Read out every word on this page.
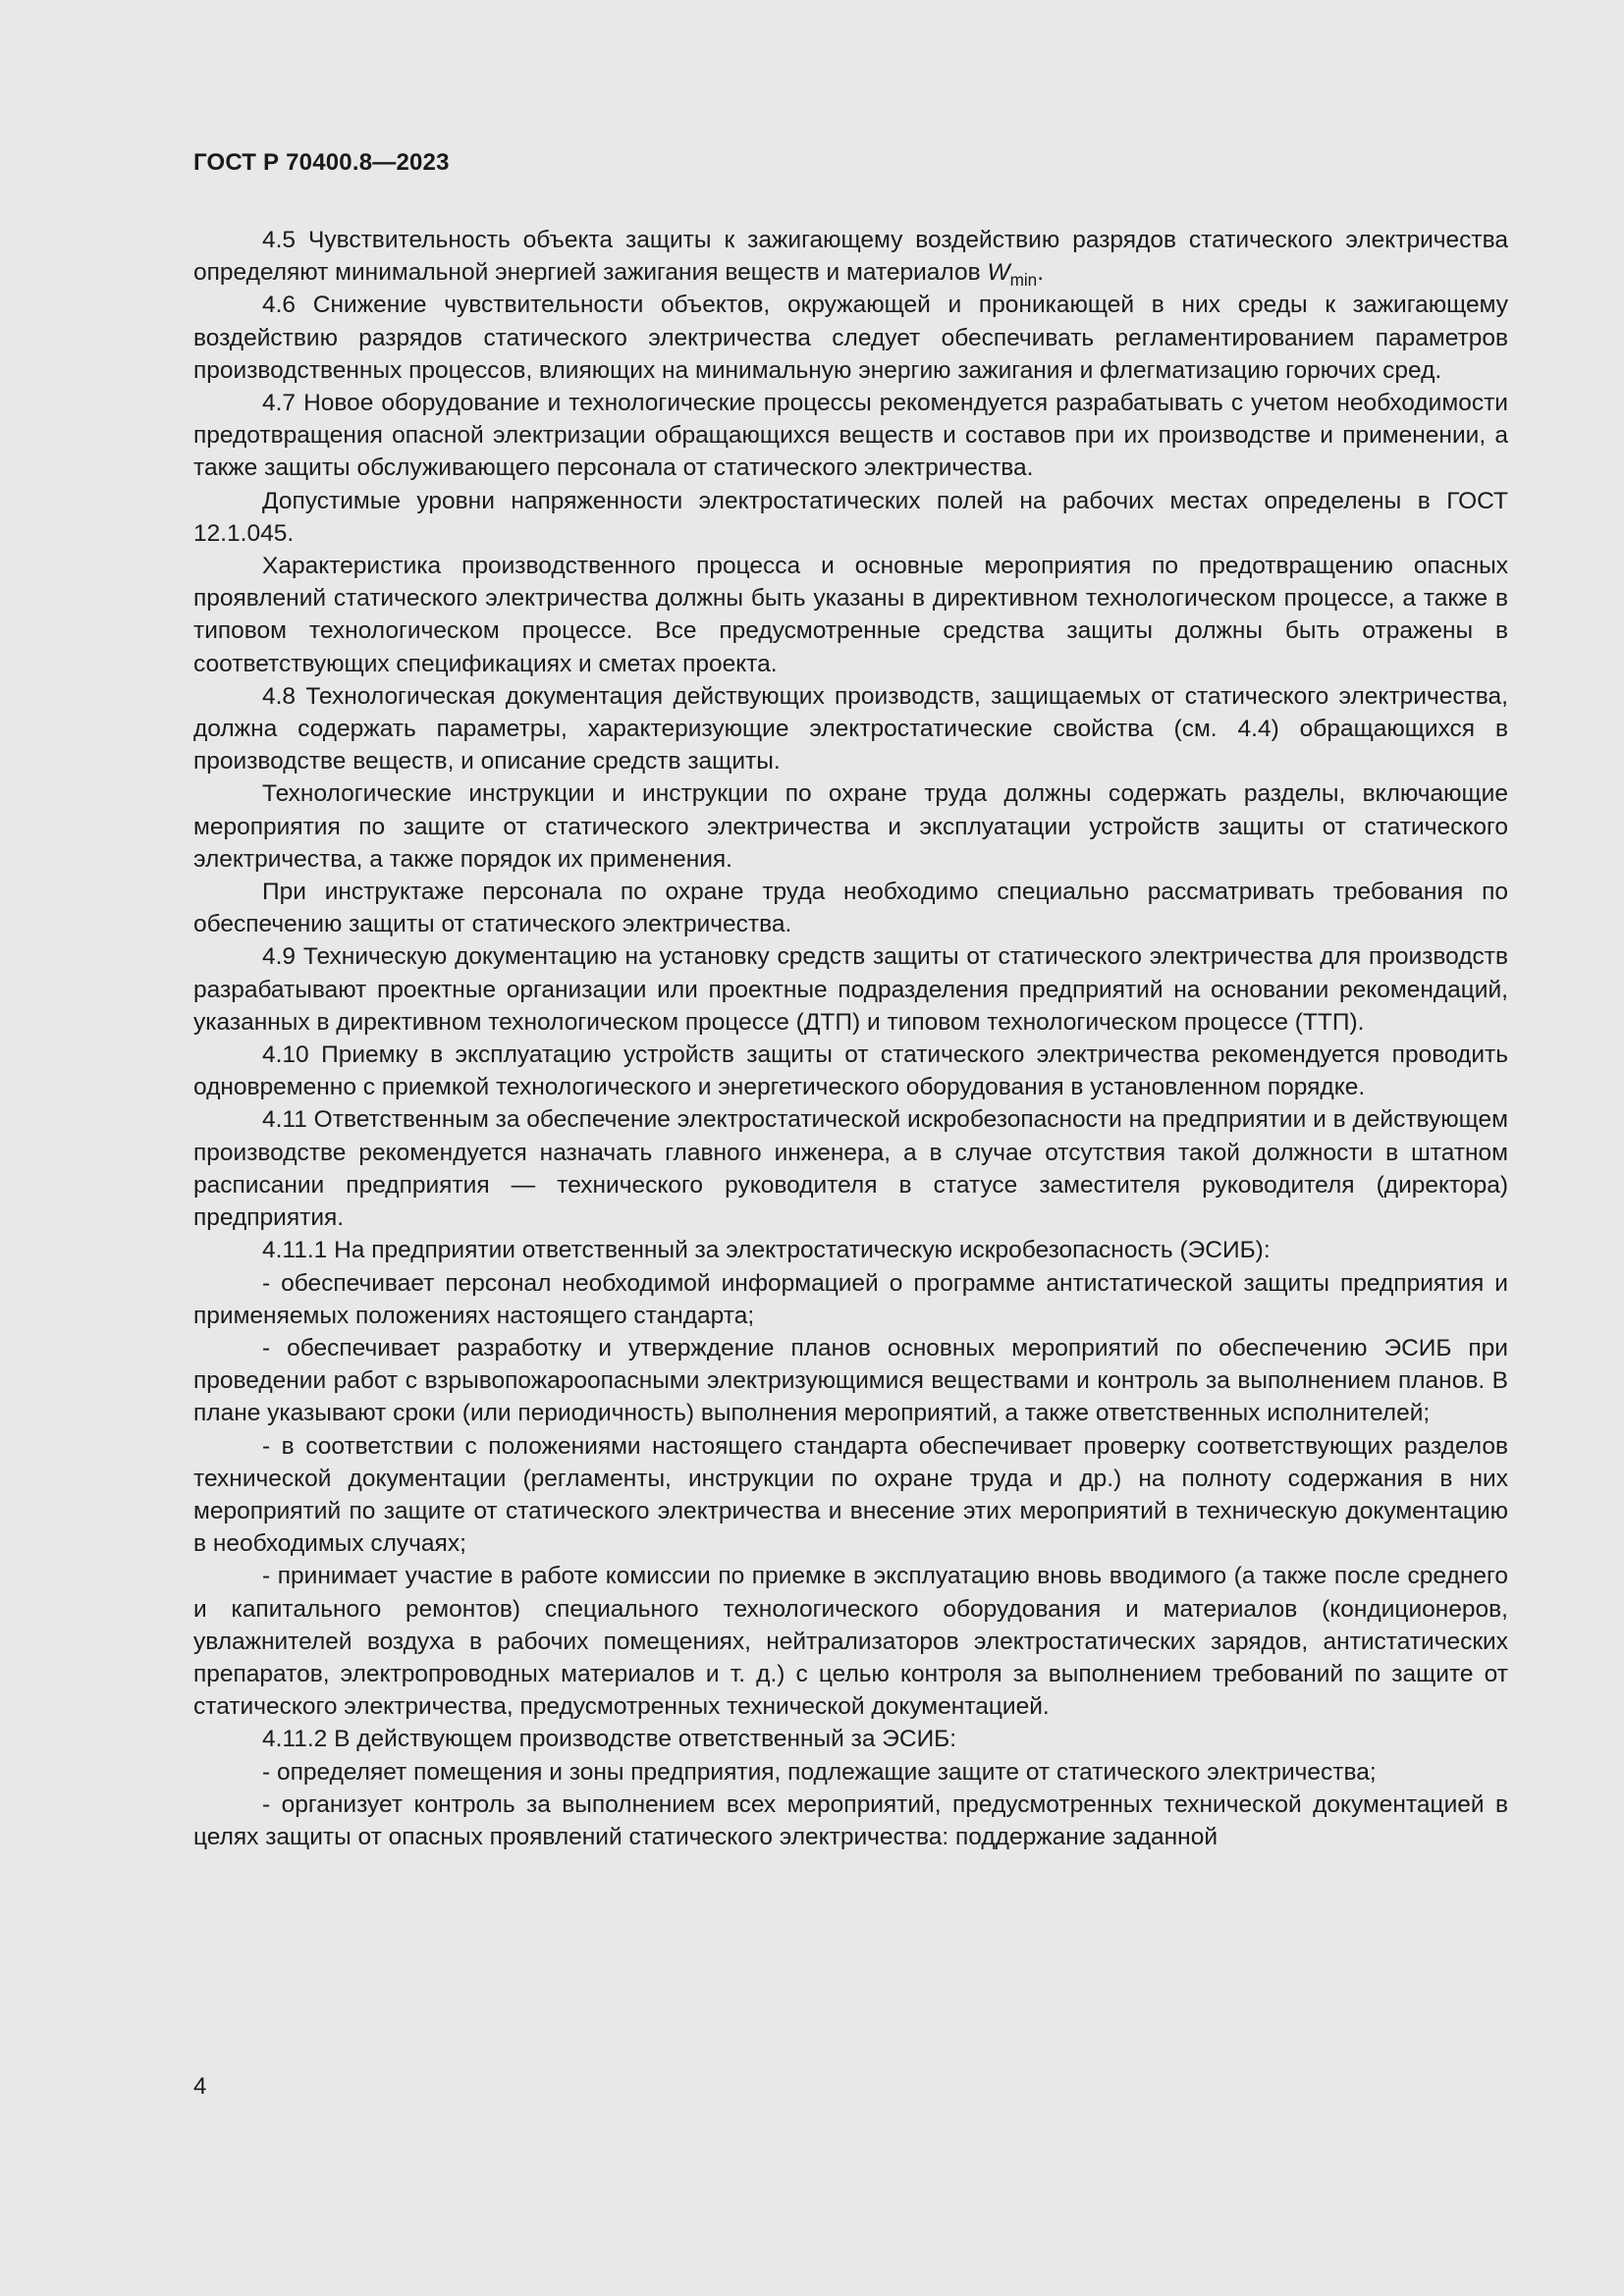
ГОСТ Р 70400.8—2023

4.5 Чувствительность объекта защиты к зажигающему воздействию разрядов статического электричества определяют минимальной энергией зажигания веществ и материалов $W_{min}$.

4.6 Снижение чувствительности объектов, окружающей и проникающей в них среды к зажигающему воздействию разрядов статического электричества следует обеспечивать регламентированием параметров производственных процессов, влияющих на минимальную энергию зажигания и флегматизацию горючих сред.

4.7 Новое оборудование и технологические процессы рекомендуется разрабатывать с учетом необходимости предотвращения опасной электризации обращающихся веществ и составов при их производстве и применении, а также защиты обслуживающего персонала от статического электричества.

Допустимые уровни напряженности электростатических полей на рабочих местах определены в ГОСТ 12.1.045.

Характеристика производственного процесса и основные мероприятия по предотвращению опасных проявлений статического электричества должны быть указаны в директивном технологическом процессе, а также в типовом технологическом процессе. Все предусмотренные средства защиты должны быть отражены в соответствующих спецификациях и сметах проекта.

4.8 Технологическая документация действующих производств, защищаемых от статического электричества, должна содержать параметры, характеризующие электростатические свойства (см. 4.4) обращающихся в производстве веществ, и описание средств защиты.

Технологические инструкции и инструкции по охране труда должны содержать разделы, включающие мероприятия по защите от статического электричества и эксплуатации устройств защиты от статического электричества, а также порядок их применения.

При инструктаже персонала по охране труда необходимо специально рассматривать требования по обеспечению защиты от статического электричества.

4.9 Техническую документацию на установку средств защиты от статического электричества для производств разрабатывают проектные организации или проектные подразделения предприятий на основании рекомендаций, указанных в директивном технологическом процессе (ДТП) и типовом технологическом процессе (ТТП).

4.10 Приемку в эксплуатацию устройств защиты от статического электричества рекомендуется проводить одновременно с приемкой технологического и энергетического оборудования в установленном порядке.

4.11 Ответственным за обеспечение электростатической искробезопасности на предприятии и в действующем производстве рекомендуется назначать главного инженера, а в случае отсутствия такой должности в штатном расписании предприятия — технического руководителя в статусе заместителя руководителя (директора) предприятия.

4.11.1 На предприятии ответственный за электростатическую искробезопасность (ЭСИБ):

- обеспечивает персонал необходимой информацией о программе антистатической защиты предприятия и применяемых положениях настоящего стандарта;

- обеспечивает разработку и утверждение планов основных мероприятий по обеспечению ЭСИБ при проведении работ с взрывопожароопасными электризующимися веществами и контроль за выполнением планов. В плане указывают сроки (или периодичность) выполнения мероприятий, а также ответственных исполнителей;

- в соответствии с положениями настоящего стандарта обеспечивает проверку соответствующих разделов технической документации (регламенты, инструкции по охране труда и др.) на полноту содержания в них мероприятий по защите от статического электричества и внесение этих мероприятий в техническую документацию в необходимых случаях;

- принимает участие в работе комиссии по приемке в эксплуатацию вновь вводимого (а также после среднего и капитального ремонтов) специального технологического оборудования и материалов (кондиционеров, увлажнителей воздуха в рабочих помещениях, нейтрализаторов электростатических зарядов, антистатических препаратов, электропроводных материалов и т. д.) с целью контроля за выполнением требований по защите от статического электричества, предусмотренных технической документацией.

4.11.2 В действующем производстве ответственный за ЭСИБ:

- определяет помещения и зоны предприятия, подлежащие защите от статического электричества;

- организует контроль за выполнением всех мероприятий, предусмотренных технической документацией в целях защиты от опасных проявлений статического электричества: поддержание заданной

4
